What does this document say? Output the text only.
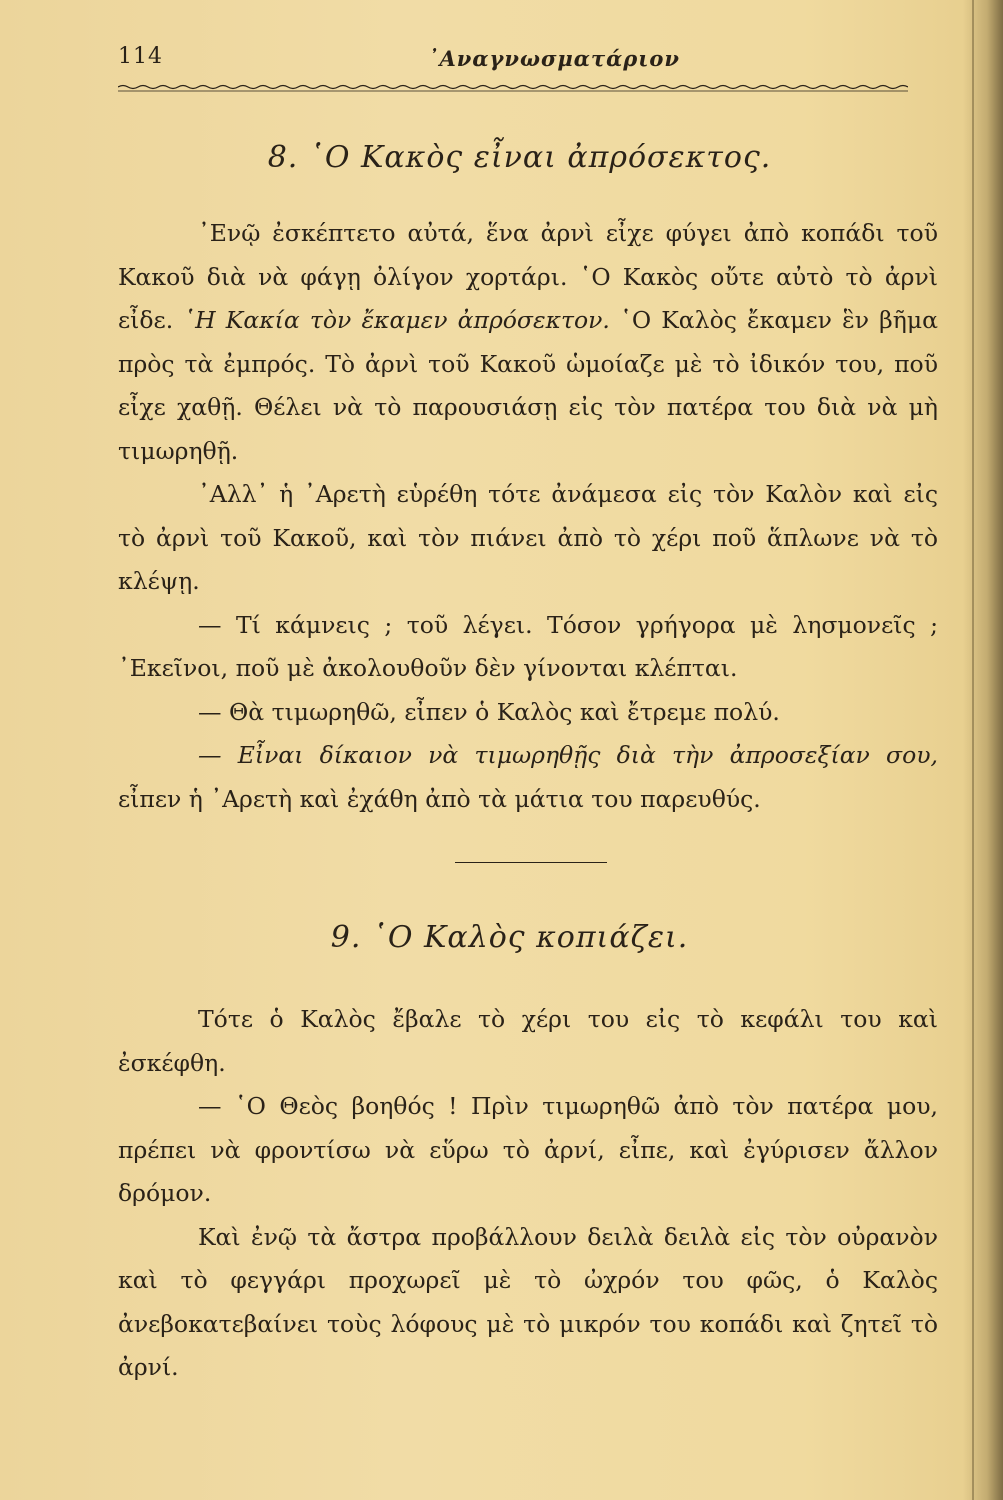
114	᾿Αναγνωσματάριον
8. ῾Ο Κακὸς εἶναι ἀπρόσεκτος.

᾿Ενῷ ἐσκέπτετο αὐτά, ἕνα ἀρνὶ εἶχε φύγει ἀπὸ κοπάδι τοῦ Κακοῦ διὰ νὰ φάγῃ ὀλίγον χορτάρι. ῾Ο Κακὸς οὔτε αὐτὸ τὸ ἀρνὶ εἶδε. ῾Η Κακία τὸν ἔκαμεν ἀπρόσεκτον. ῾Ο Καλὸς ἔκαμεν ἓν βῆμα πρὸς τὰ ἐμπρός. Τὸ ἀρνὶ τοῦ Κακοῦ ὡμοίαζε μὲ τὸ ἰδικόν του, ποῦ εἶχε χαθῇ. Θέλει νὰ τὸ παρουσιάσῃ εἰς τὸν πατέρα του διὰ νὰ μὴ τιμωρηθῇ.

᾿Αλλ᾿ ἡ ᾿Αρετὴ εὑρέθη τότε ἀνάμεσα εἰς τὸν Καλὸν καὶ εἰς τὸ ἀρνὶ τοῦ Κακοῦ, καὶ τὸν πιάνει ἀπὸ τὸ χέρι ποῦ ἅπλωνε νὰ τὸ κλέψῃ.

— Τί κάμνεις ; τοῦ λέγει. Τόσον γρήγορα μὲ λησμονεῖς ; ᾿Εκεῖνοι, ποῦ μὲ ἀκολουθοῦν δὲν γίνονται κλέπται.

— Θὰ τιμωρηθῶ, εἶπεν ὁ Καλὸς καὶ ἔτρεμε πολύ.

— Εἶναι δίκαιον νὰ τιμωρηθῇς διὰ τὴν ἀπροσεξίαν σου, εἶπεν ἡ ᾿Αρετὴ καὶ ἐχάθη ἀπὸ τὰ μάτια του παρευθύς.

9. ῾Ο Καλὸς κοπιάζει.

Τότε ὁ Καλὸς ἔβαλε τὸ χέρι του εἰς τὸ κεφάλι του καὶ ἐσκέφθη.

— ῾Ο Θεὸς βοηθός ! Πρὶν τιμωρηθῶ ἀπὸ τὸν πατέρα μου, πρέπει νὰ φροντίσω νὰ εὕρω τὸ ἀρνί, εἶπε, καὶ ἐγύρισεν ἄλλον δρόμον.

Καὶ ἐνῷ τὰ ἄστρα προβάλλουν δειλὰ δειλὰ εἰς τὸν οὐρανὸν καὶ τὸ φεγγάρι προχωρεῖ μὲ τὸ ὠχρόν του φῶς, ὁ Καλὸς ἀνεβοκατεβαίνει τοὺς λόφους μὲ τὸ μικρόν του κοπάδι καὶ ζητεῖ τὸ ἀρνί.
